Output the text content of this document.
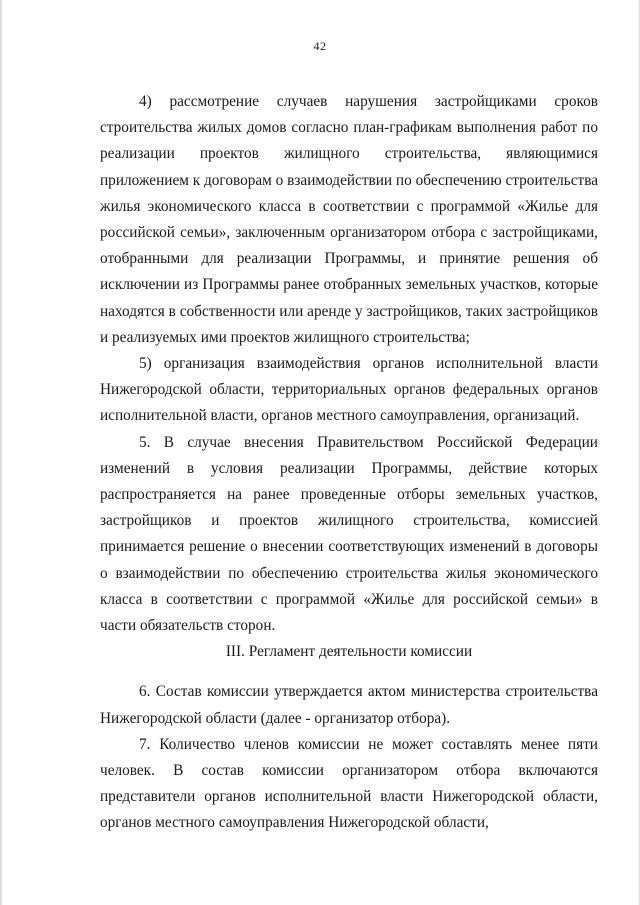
42

4) рассмотрение случаев нарушения застройщиками сроков строительства жилых домов согласно план-графикам выполнения работ по реализации проектов жилищного строительства, являющимися приложением к договорам о взаимодействии по обеспечению строительства жилья экономического класса в соответствии с программой «Жилье для российской семьи», заключенным организатором отбора с застройщиками, отобранными для реализации Программы, и принятие решения об исключении из Программы ранее отобранных земельных участков, которые находятся в собственности или аренде у застройщиков, таких застройщиков и реализуемых ими проектов жилищного строительства;

5) организация взаимодействия органов исполнительной власти Нижегородской области, территориальных органов федеральных органов исполнительной власти, органов местного самоуправления, организаций.

5. В случае внесения Правительством Российской Федерации изменений в условия реализации Программы, действие которых распространяется на ранее проведенные отборы земельных участков, застройщиков и проектов жилищного строительства, комиссией принимается решение о внесении соответствующих изменений в договоры о взаимодействии по обеспечению строительства жилья экономического класса в соответствии с программой «Жилье для российской семьи» в части обязательств сторон.

III. Регламент деятельности комиссии

6. Состав комиссии утверждается актом министерства строительства Нижегородской области (далее - организатор отбора).

7. Количество членов комиссии не может составлять менее пяти человек. В состав комиссии организатором отбора включаются представители органов исполнительной власти Нижегородской области, органов местного самоуправления Нижегородской области,
